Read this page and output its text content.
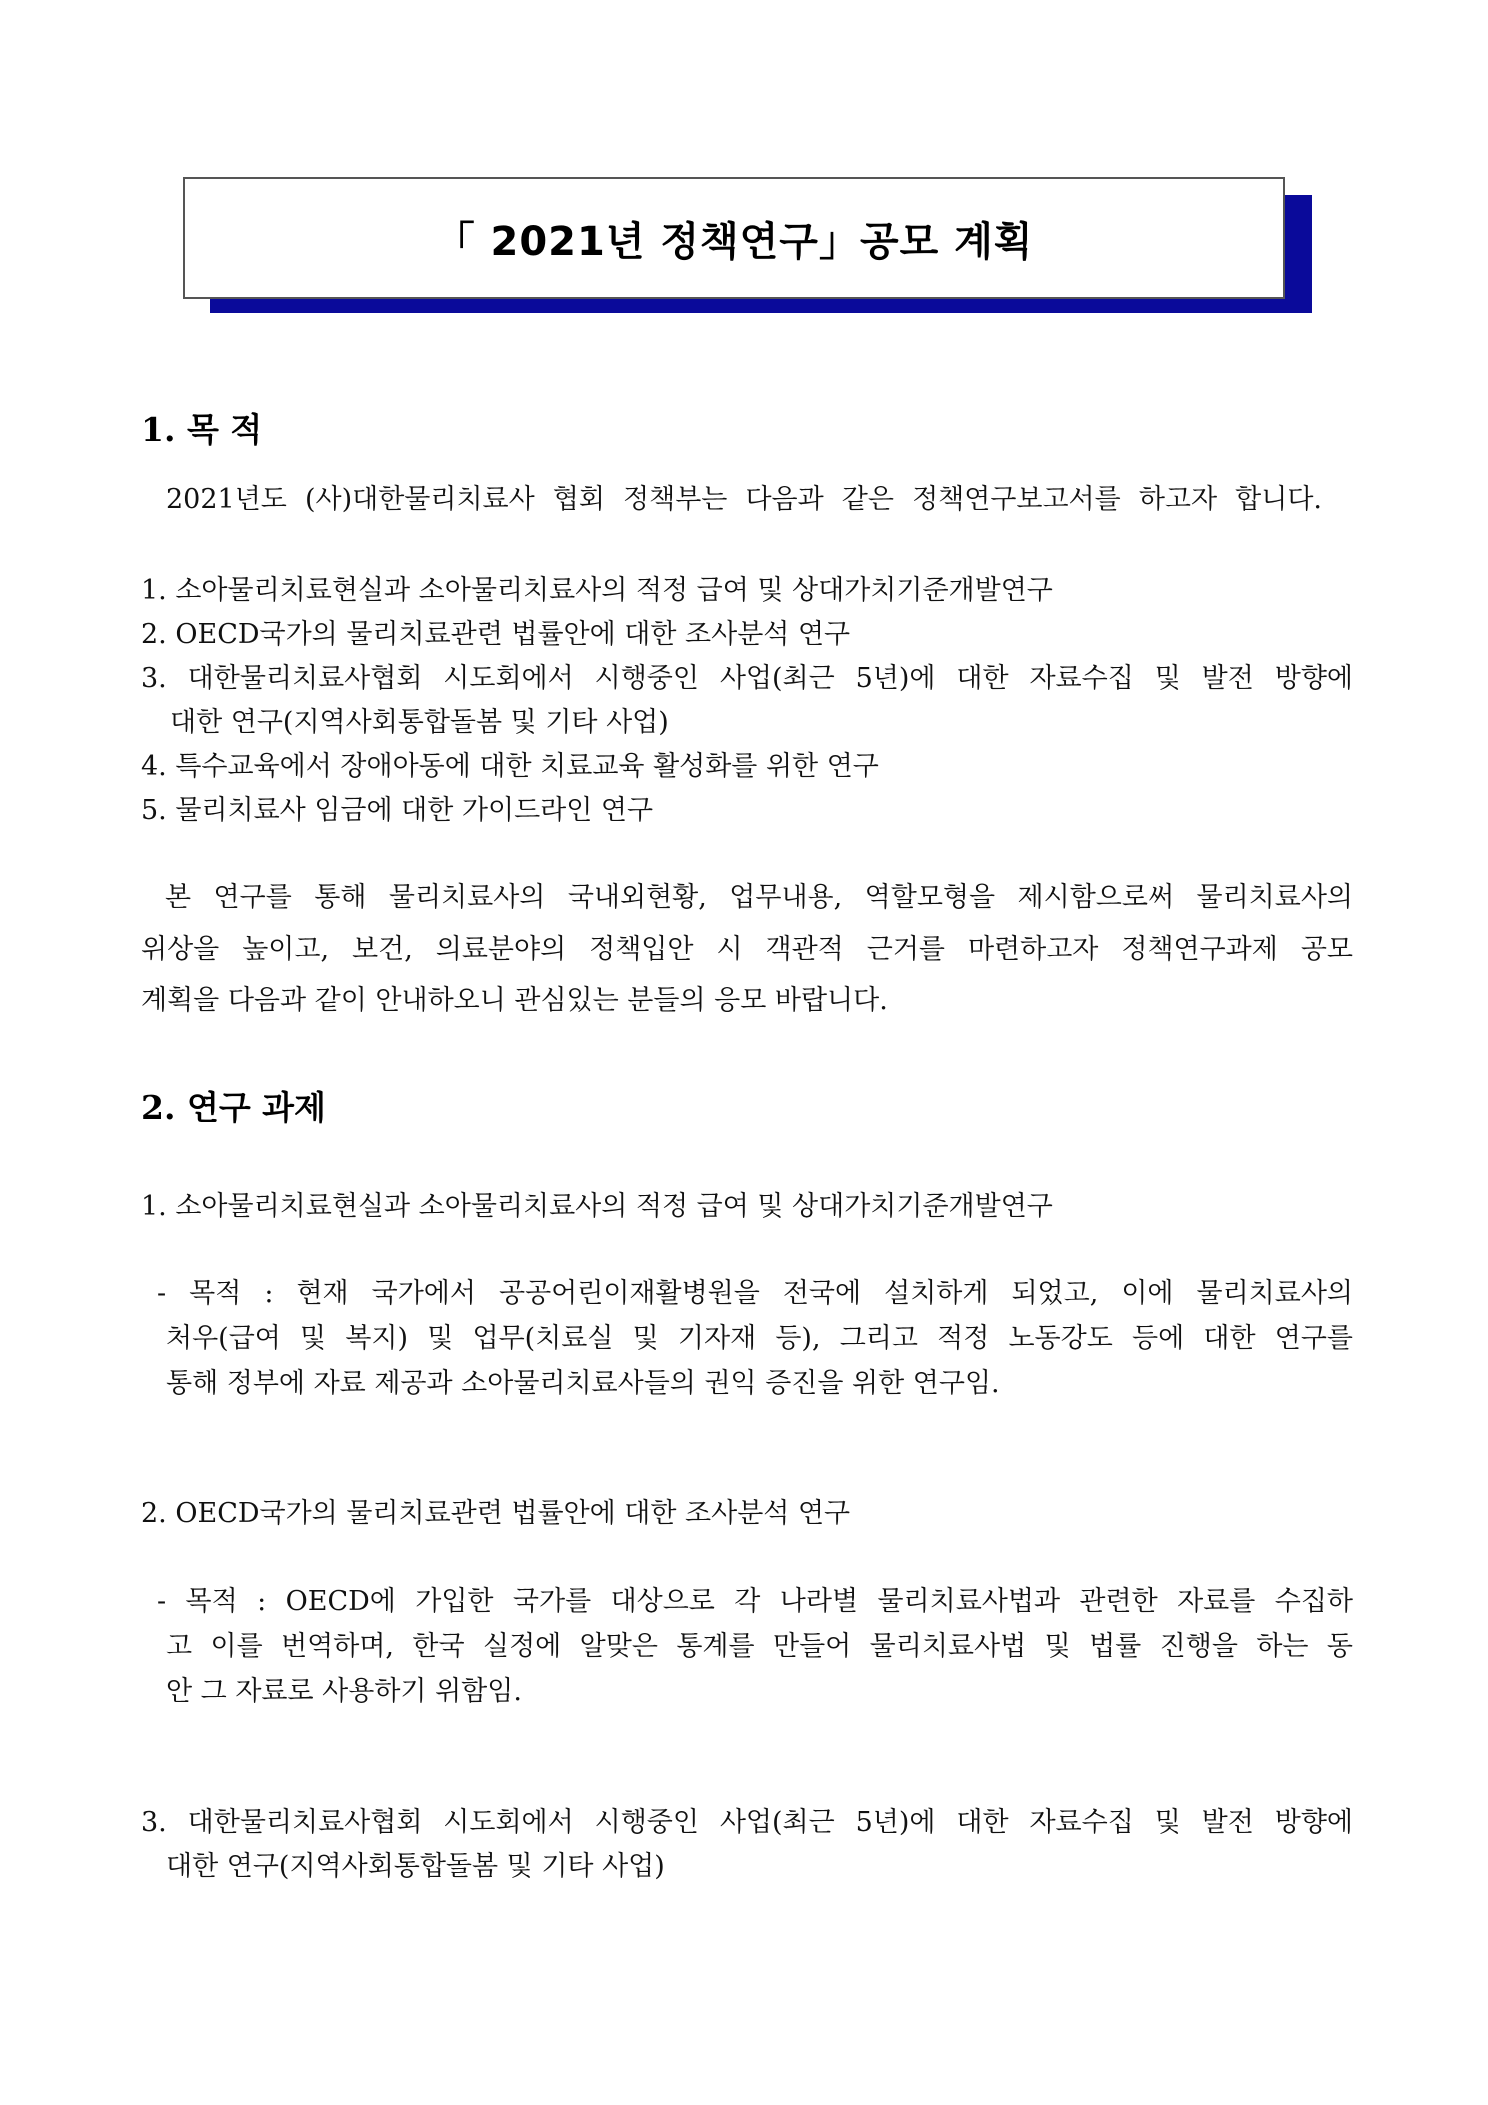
「 2021년 정책연구」공모 계획
1. 목 적
2021년도 (사)대한물리치료사 협회 정책부는 다음과 같은 정책연구보고서를 하고자 합니다.
1. 소아물리치료현실과 소아물리치료사의 적정 급여 및 상대가치기준개발연구
2. OECD국가의 물리치료관련 법률안에 대한 조사분석 연구
3. 대한물리치료사협회 시도회에서 시행중인 사업(최근 5년)에 대한 자료수집 및 발전 방향에
대한 연구(지역사회통합돌봄 및 기타 사업)
4. 특수교육에서 장애아동에 대한 치료교육 활성화를 위한 연구
5. 물리치료사 임금에 대한 가이드라인 연구
본 연구를 통해 물리치료사의 국내외현황, 업무내용, 역할모형을 제시함으로써 물리치료사의
위상을 높이고, 보건, 의료분야의 정책입안 시 객관적 근거를 마련하고자 정책연구과제 공모
계획을 다음과 같이 안내하오니 관심있는 분들의 응모 바랍니다.
2. 연구 과제
1. 소아물리치료현실과 소아물리치료사의 적정 급여 및 상대가치기준개발연구
- 목적 : 현재 국가에서 공공어린이재활병원을 전국에 설치하게 되었고, 이에 물리치료사의
처우(급여 및 복지) 및 업무(치료실 및 기자재 등), 그리고 적정 노동강도 등에 대한 연구를
통해 정부에 자료 제공과 소아물리치료사들의 권익 증진을 위한 연구임.
2. OECD국가의 물리치료관련 법률안에 대한 조사분석 연구
- 목적 : OECD에 가입한 국가를 대상으로 각 나라별 물리치료사법과 관련한 자료를 수집하
고 이를 번역하며, 한국 실정에 알맞은 통계를 만들어 물리치료사법 및 법률 진행을 하는 동
안 그 자료로 사용하기 위함임.
3. 대한물리치료사협회 시도회에서 시행중인 사업(최근 5년)에 대한 자료수집 및 발전 방향에
대한 연구(지역사회통합돌봄 및 기타 사업)
